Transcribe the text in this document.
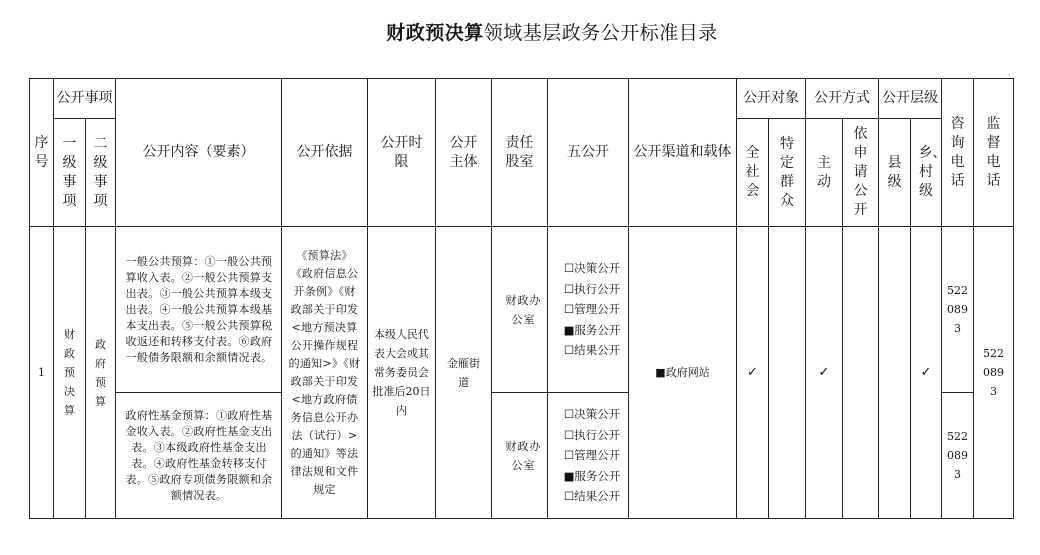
财政预决算领域基层政务公开标准目录
序号	公开事项		公开内容（要素）	公开依据	公开时限	公开主体	责任股室	五公开	公开渠道和载体	公开对象		公开方式		公开层级		咨询电话	监督电话
	一级事项	二级事项								全社会	特定群众	主动	依申请公开	县级	乡、村级		
1	财政预决算	政府预算	一般公共预算：①一般公共预算收入表。②一般公共预算支出表。③一般公共预算本级支出表。④一般公共预算本级基本支出表。⑤一般公共预算税收返还和转移支付表。⑥政府一般债务限额和余额情况表。	《预算法》《政府信息公开条例》《财政部关于印发<地方预决算公开操作规程的通知>》《财政部关于印发<地方政府债务信息公开办法（试行）>的通知》等法律法规和文件规定	本级人民代表大会或其常务委员会批准后20日内	金雁街道	财政办公室	☐决策公开
☐执行公开
☐管理公开
■服务公开
☐结果公开	■政府网站	✓		✓			✓	5220893	5220893
			政府性基金预算：①政府性基金收入表。②政府性基金支出表。③本级政府性基金支出表。④政府性基金转移支付表。⑤政府专项债务限额和余额情况表。				财政办公室	☐决策公开
☐执行公开
☐管理公开
■服务公开
☐结果公开								5220893	
